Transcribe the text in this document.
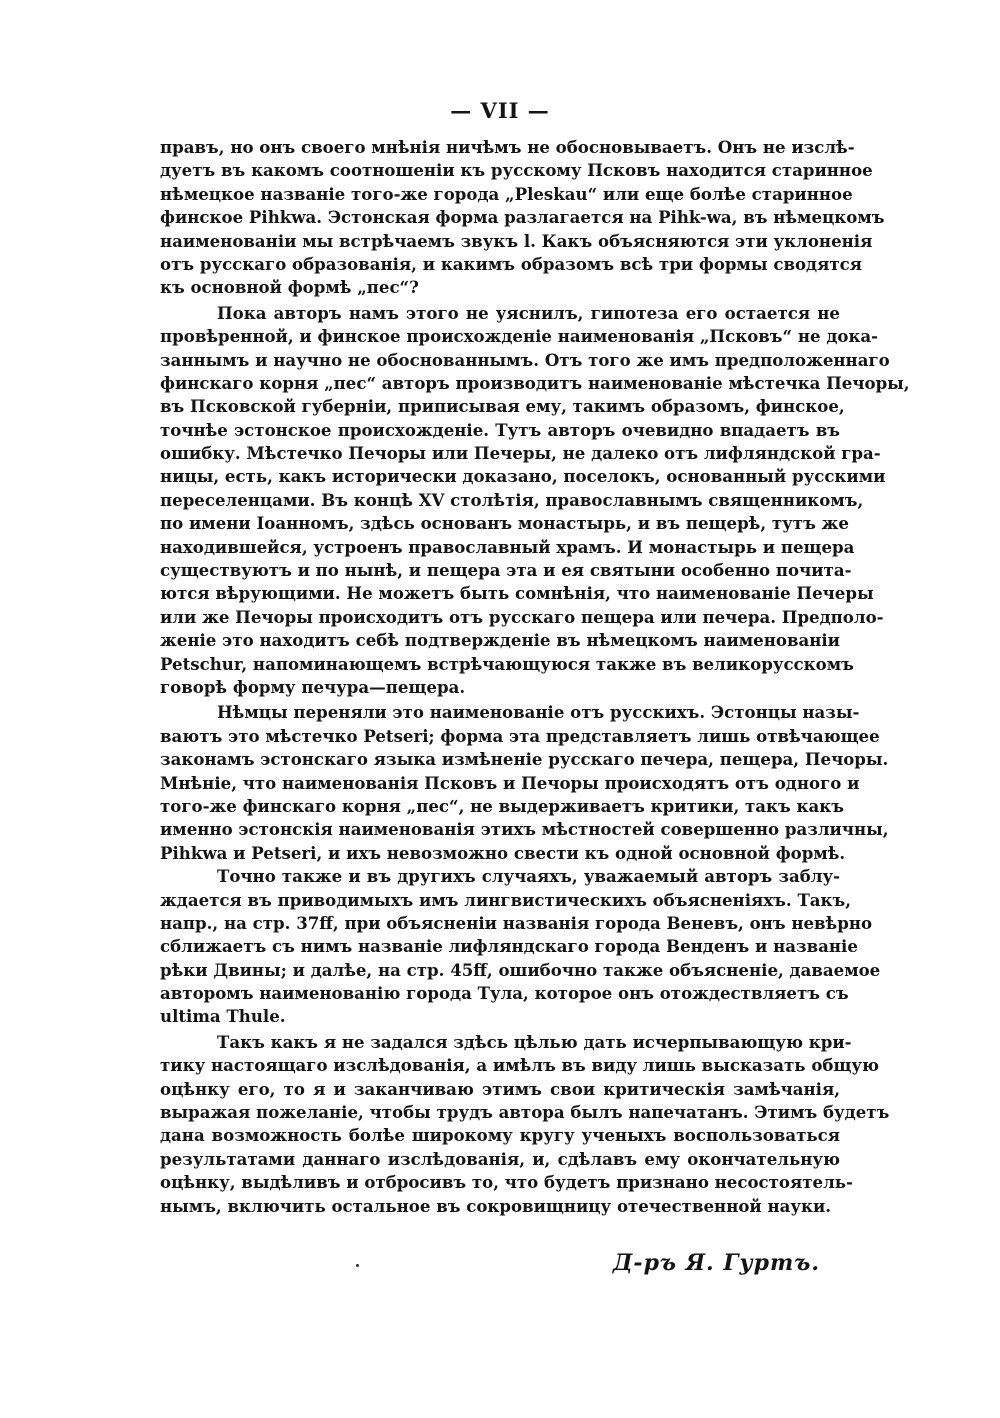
— VII —
правъ, но онъ своего мнѣнія ничѣмъ не обосновываетъ. Онъ не изслѣ-
дуетъ въ какомъ соотношеніи къ русскому Псковъ находится старинное
нѣмецкое названіе того-же города „Pleskau“ или еще болѣе старинное
финское Pihkwa. Эстонская форма разлагается на Pihk-wa, въ нѣмецкомъ
наименованіи мы встрѣчаемъ звукъ l. Какъ объясняются эти уклоненія
отъ русскаго образованія, и какимъ образомъ всѣ три формы сводятся
къ основной формѣ „пес“?
Пока авторъ намъ этого не уяснилъ, гипотеза его остается не
провѣренной, и финское происхожденіе наименованія „Псковъ“ не дока-
заннымъ и научно не обоснованнымъ. Отъ того же имъ предположеннаго
финскаго корня „пес“ авторъ производитъ наименованіе мѣстечка Печоры,
въ Псковской губерніи, приписывая ему, такимъ образомъ, финское,
точнѣе эстонское происхожденіе. Тутъ авторъ очевидно впадаетъ въ
ошибку. Мѣстечко Печоры или Печеры, не далеко отъ лифляндской гра-
ницы, есть, какъ исторически доказано, поселокъ, основанный русскими
переселенцами. Въ концѣ XV столѣтія, православнымъ священникомъ,
по имени Іоанномъ, здѣсь основанъ монастырь, и въ пещерѣ, тутъ же
находившейся, устроенъ православный храмъ. И монастырь и пещера
существуютъ и по нынѣ, и пещера эта и ея святыни особенно почита-
ются вѣрующими. Не можетъ быть сомнѣнія, что наименованіе Печеры
или же Печоры происходитъ отъ русскаго пещера или печера. Предполо-
женіе это находитъ себѣ подтвержденіе въ нѣмецкомъ наименованіи
Petschur, напоминающемъ встрѣчающуюся также въ великорусскомъ
говорѣ форму печура—пещера.
Нѣмцы переняли это наименованіе отъ русскихъ. Эстонцы назы-
ваютъ это мѣстечко Petseri; форма эта представляетъ лишь отвѣчающее
законамъ эстонскаго языка измѣненіе русскаго печера, пещера, Печоры.
Мнѣніе, что наименованія Псковъ и Печоры происходятъ отъ одного и
того-же финскаго корня „пес“, не выдерживаетъ критики, такъ какъ
именно эстонскія наименованія этихъ мѣстностей совершенно различны,
Pihkwa и Petseri, и ихъ невозможно свести къ одной основной формѣ.
Точно также и въ другихъ случаяхъ, уважаемый авторъ заблу-
ждается въ приводимыхъ имъ лингвистическихъ объясненіяхъ. Такъ,
напр., на стр. 37ff, при объясненіи названія города Веневъ, онъ невѣрно
сближаетъ съ нимъ названіе лифляндскаго города Венденъ и названіе
рѣки Двины; и далѣе, на стр. 45ff, ошибочно также объясненіе, даваемое
авторомъ наименованію города Тула, которое онъ отождествляетъ съ
ultima Thule.
Такъ какъ я не задался здѣсь цѣлью дать исчерпывающую кри-
тику настоящаго изслѣдованія, а имѣлъ въ виду лишь высказать общую
оцѣнку его, то я и заканчиваю этимъ свои критическія замѣчанія,
выражая пожеланіе, чтобы трудъ автора былъ напечатанъ. Этимъ будетъ
дана возможность болѣе широкому кругу ученыхъ воспользоваться
результатами даннаго изслѣдованія, и, сдѣлавъ ему окончательную
оцѣнку, выдѣливъ и отбросивъ то, что будетъ признано несостоятель-
нымъ, включить остальное въ сокровищницу отечественной науки.
Д-ръ Я. Гуртъ.
